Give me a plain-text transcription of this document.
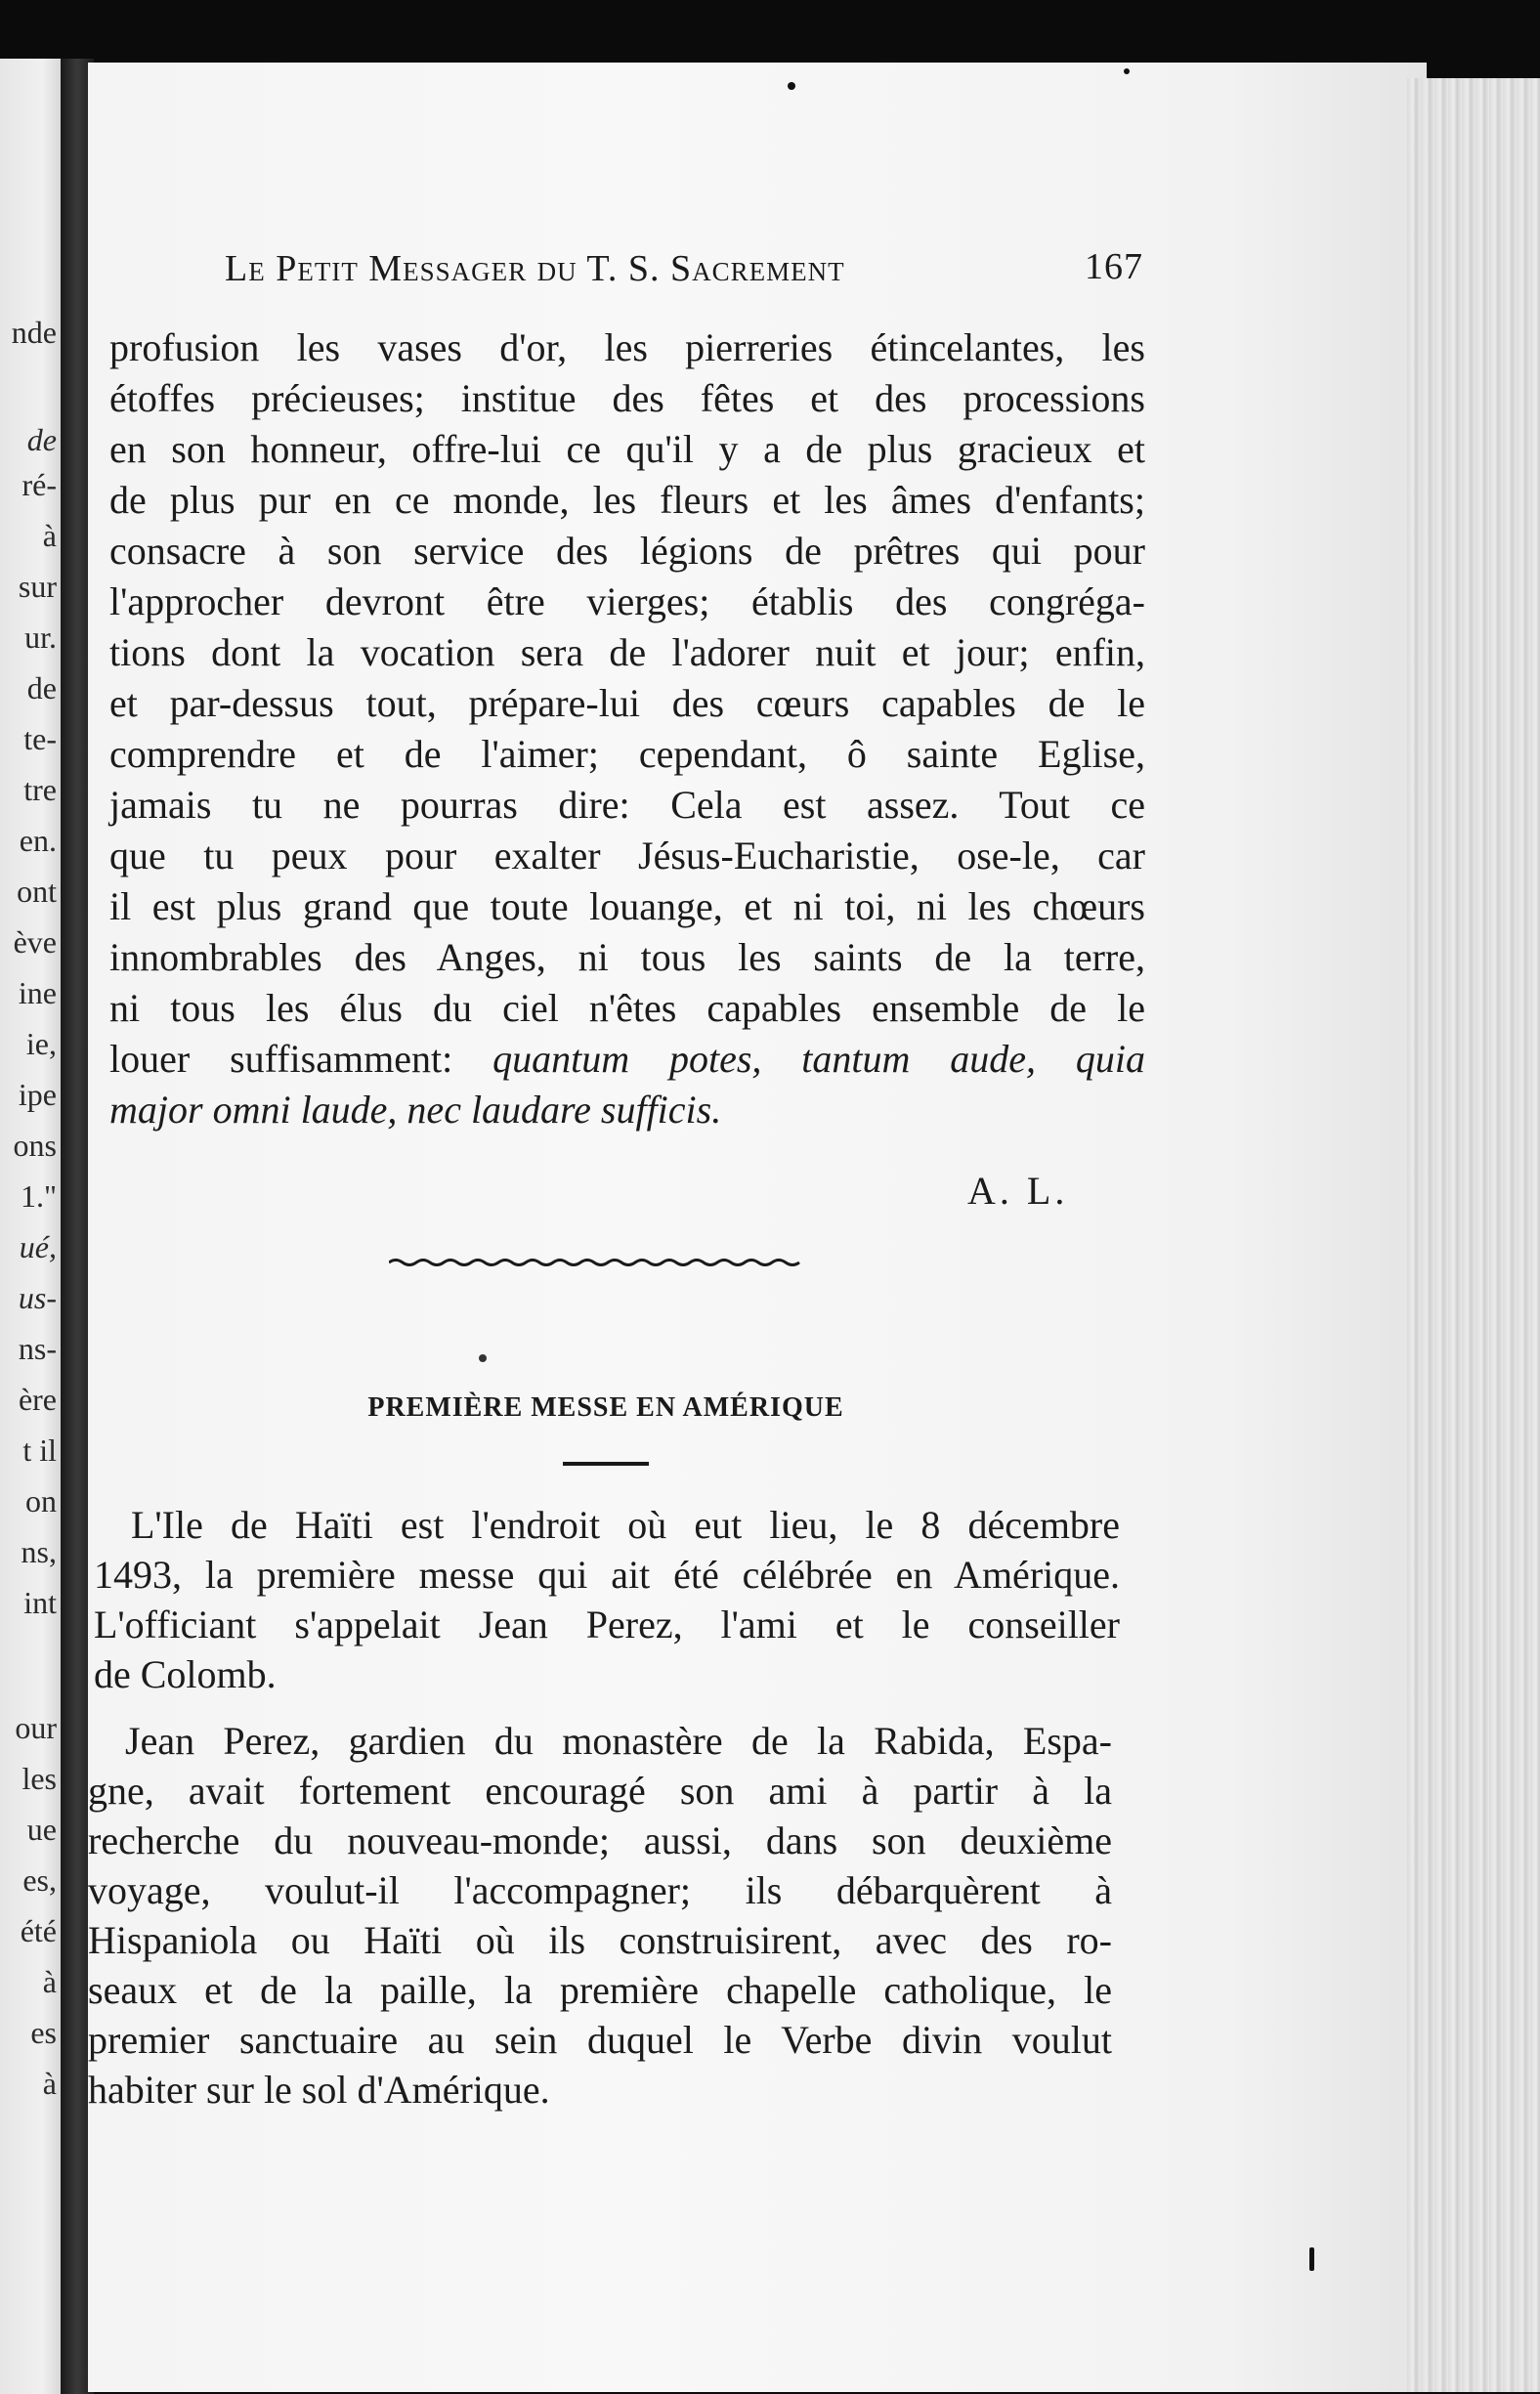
nde
de
ré-
à
sur
ur.
de
te-
tre
en.
ont
ève
ine
ie,
ipe
ons
1."
ué,
us-
ns-
ère
t il
on
ns,
int
our
les
ue
es,
été
à
es
à
Le Petit Messager du T. S. Sacrement	167
profusion les vases d'or, les pierreries étincelantes, les
étoffes précieuses; institue des fêtes et des processions
en son honneur, offre-lui ce qu'il y a de plus gracieux et
de plus pur en ce monde, les fleurs et les âmes d'enfants;
consacre à son service des légions de prêtres qui pour
l'approcher devront être vierges; établis des congréga-
tions dont la vocation sera de l'adorer nuit et jour; enfin,
et par-dessus tout, prépare-lui des cœurs capables de le
comprendre et de l'aimer; cependant, ô sainte Eglise,
jamais tu ne pourras dire: Cela est assez. Tout ce
que tu peux pour exalter Jésus-Eucharistie, ose-le, car
il est plus grand que toute louange, et ni toi, ni les chœurs
innombrables des Anges, ni tous les saints de la terre,
ni tous les élus du ciel n'êtes capables ensemble de le
louer suffisamment: quantum potes, tantum aude, quia
major omni laude, nec laudare sufficis.
A. L.
PREMIÈRE MESSE EN AMÉRIQUE
L'Ile de Haïti est l'endroit où eut lieu, le 8 décembre
1493, la première messe qui ait été célébrée en Amérique.
L'officiant s'appelait Jean Perez, l'ami et le conseiller
de Colomb.
Jean Perez, gardien du monastère de la Rabida, Espa-
gne, avait fortement encouragé son ami à partir à la
recherche du nouveau-monde; aussi, dans son deuxième
voyage, voulut-il l'accompagner; ils débarquèrent à
Hispaniola ou Haïti où ils construisirent, avec des ro-
seaux et de la paille, la première chapelle catholique, le
premier sanctuaire au sein duquel le Verbe divin voulut
habiter sur le sol d'Amérique.
